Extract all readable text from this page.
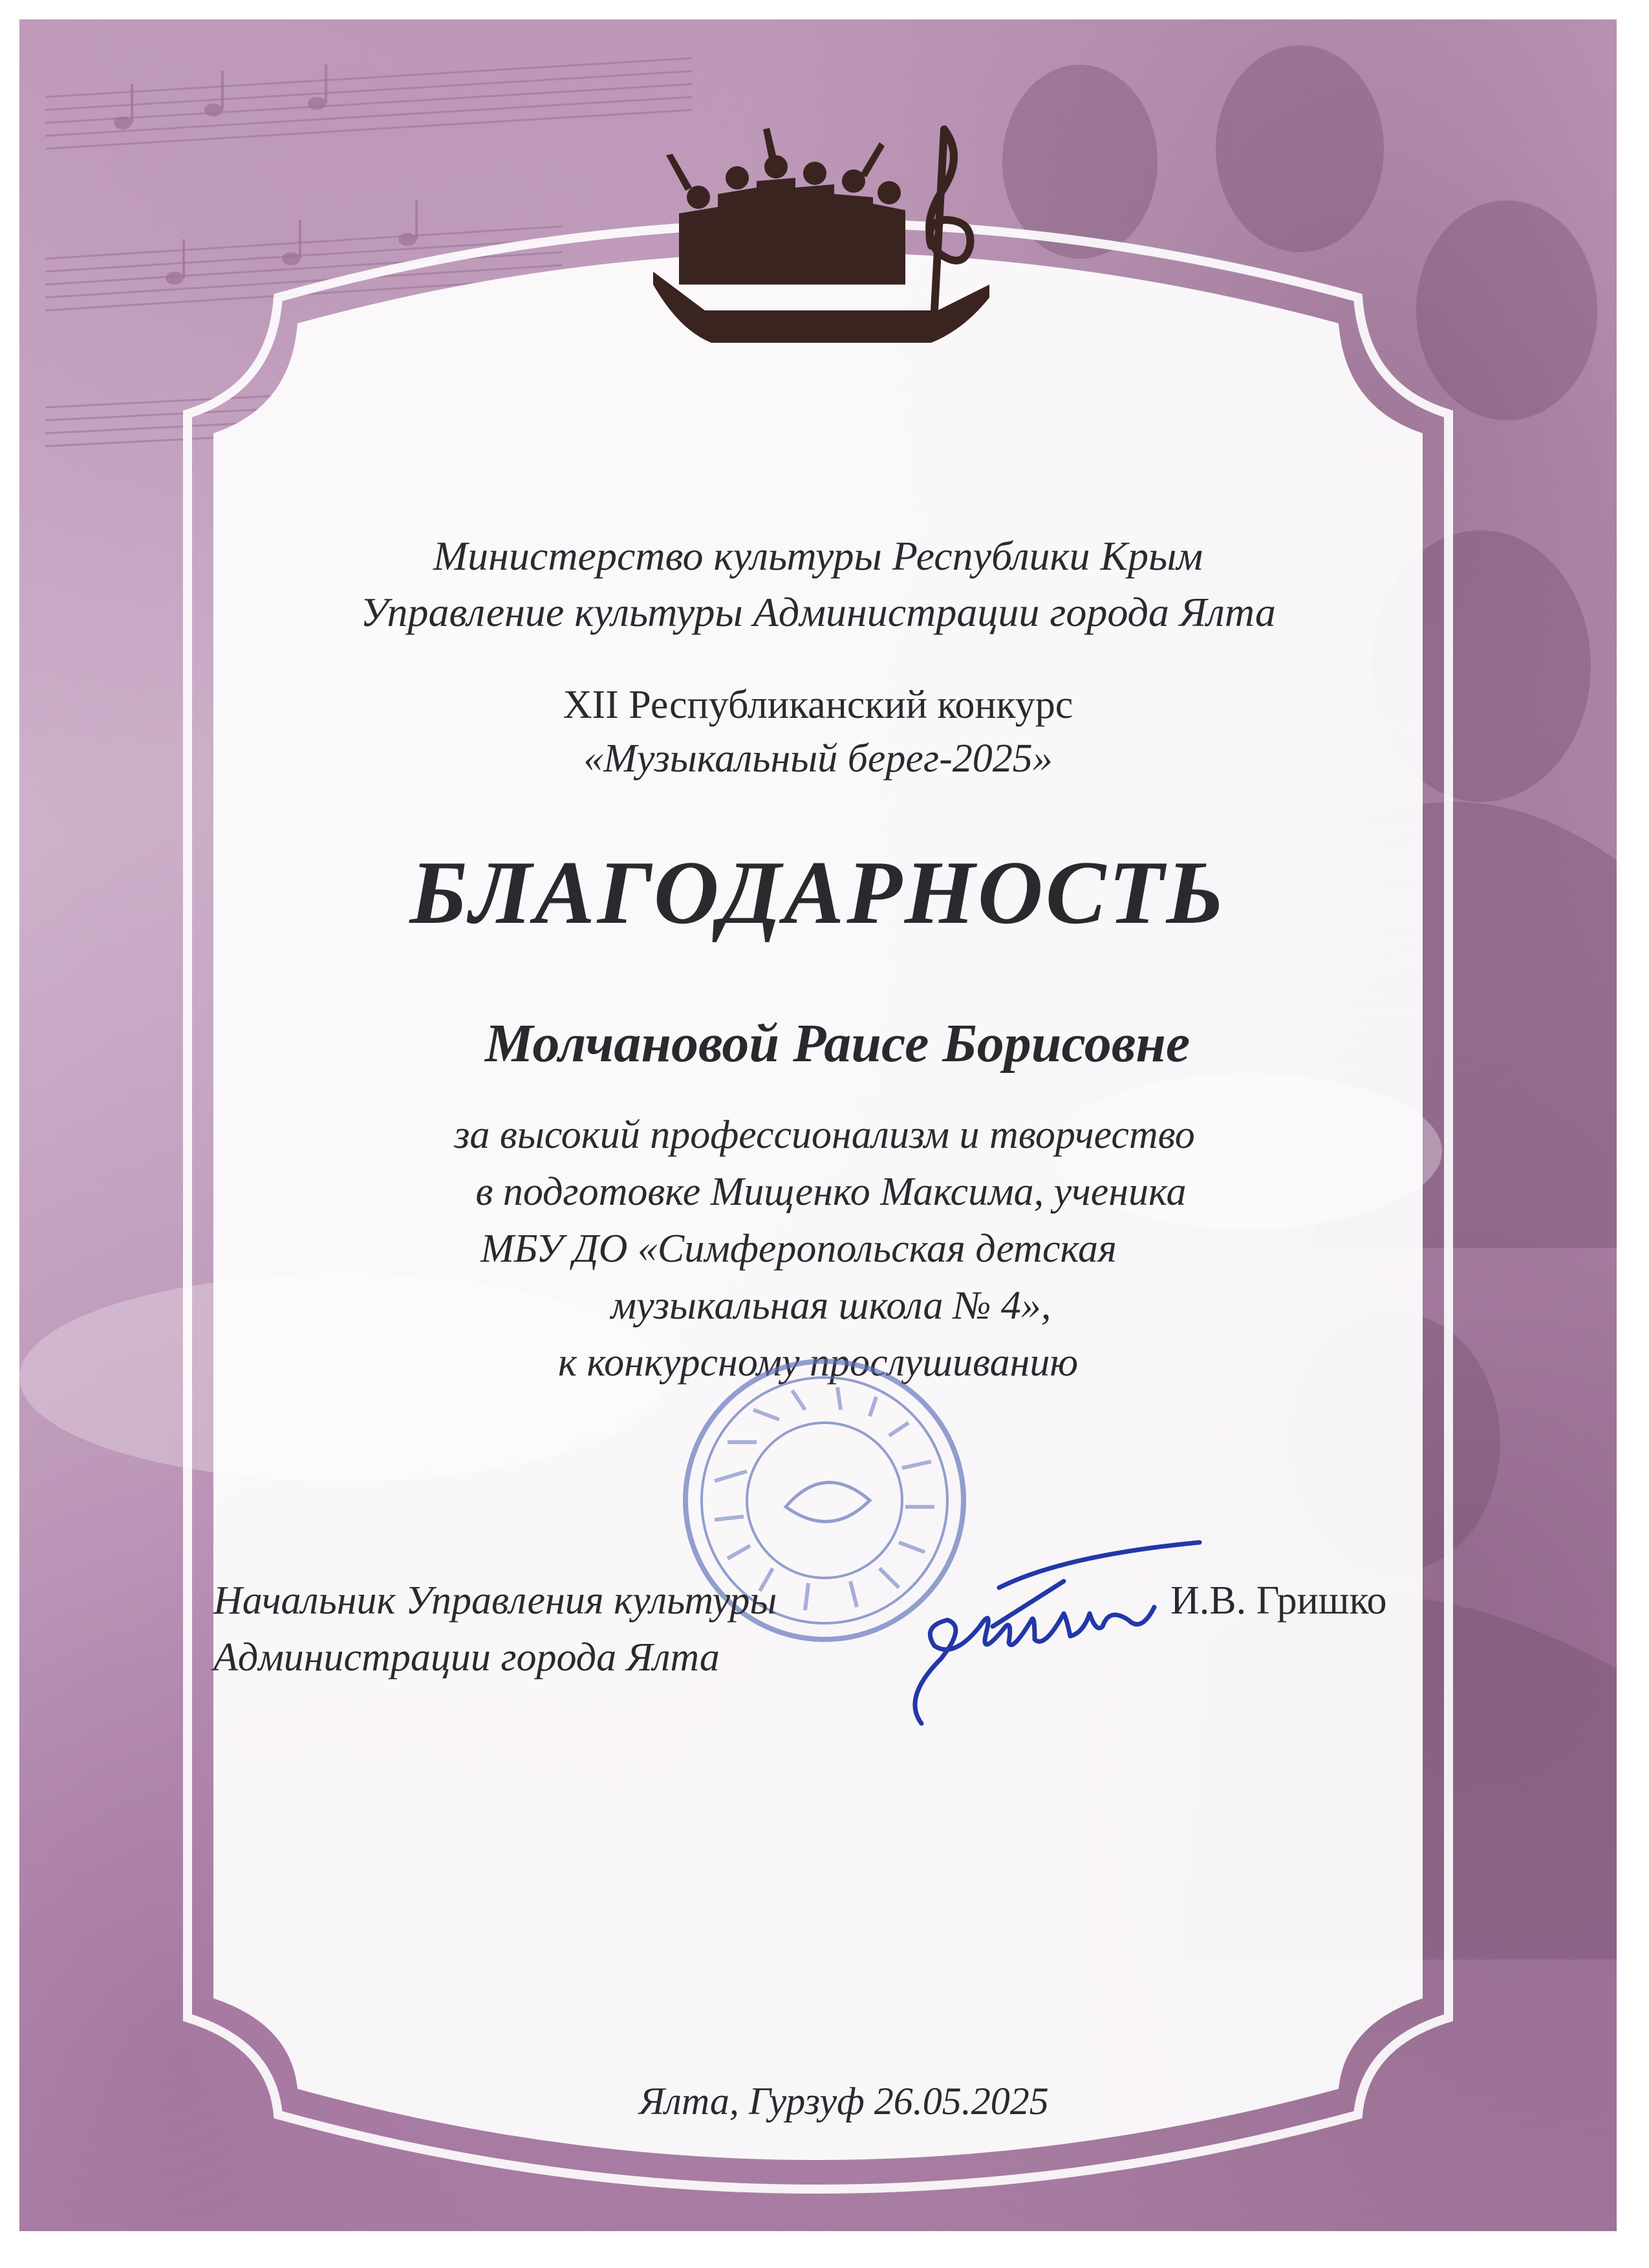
Министерство культуры Республики Крым
Управление культуры Администрации города Ялта
XII Республиканский конкурс
«Музыкальный берег-2025»
БЛАГОДАРНОСТЬ
Молчановой Раисе Борисовне
за высокий профессионализм и творчество
в подготовке Мищенко Максима, ученика
МБУ ДО «Симферопольская детская
музыкальная школа № 4»,
к конкурсному прослушиванию
Начальник Управления культуры
Администрации города Ялта
И.В. Гришко
Ялта, Гурзуф 26.05.2025
